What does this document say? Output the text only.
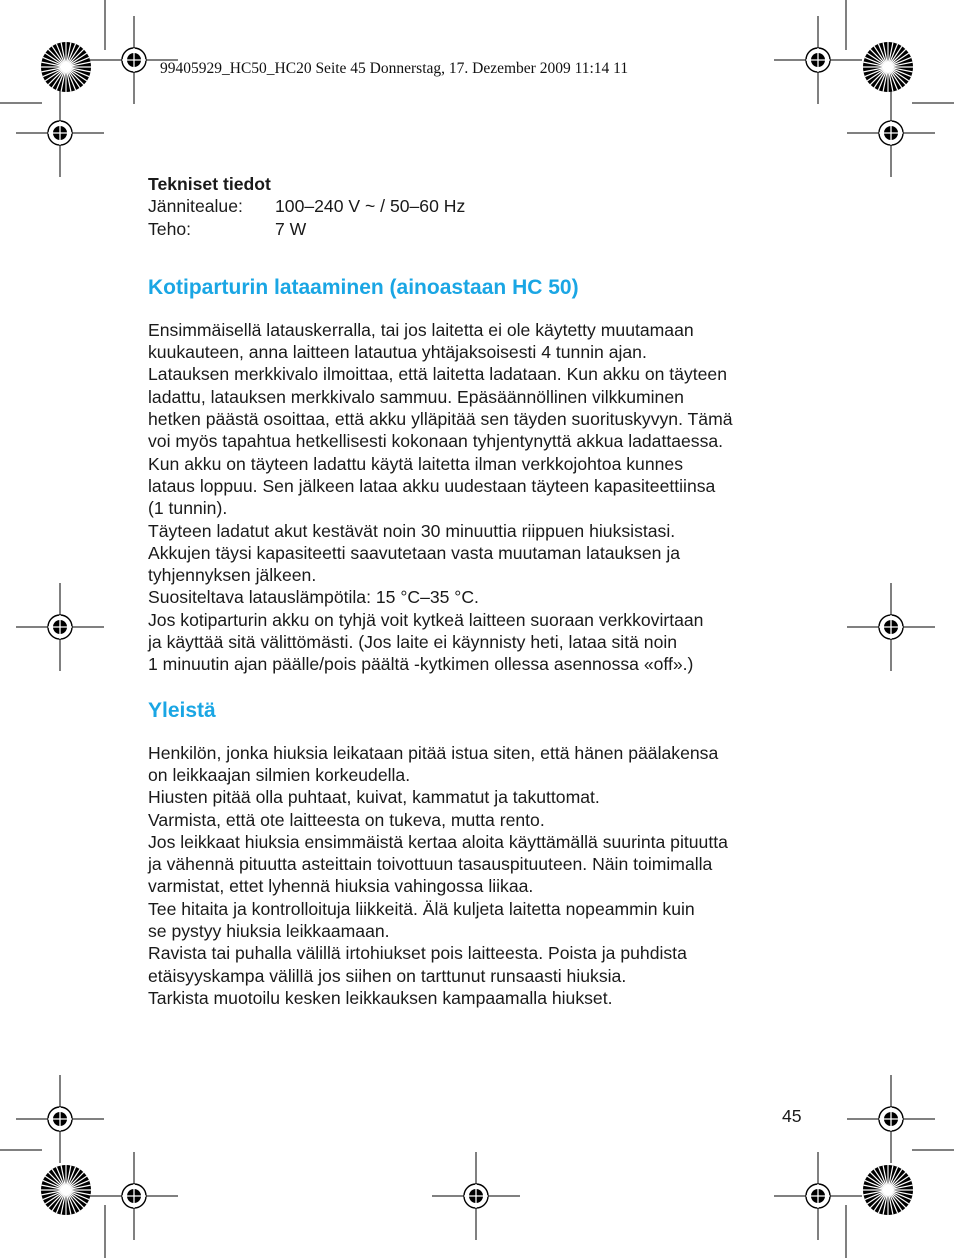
99405929_HC50_HC20 Seite 45 Donnerstag, 17. Dezember 2009 11:14 11
Tekniset tiedot
Jännitealue:	100–240 V ~ / 50–60 Hz
Teho:	7 W
Kotiparturin lataaminen (ainoastaan HC 50)
Ensimmäisellä latauskerralla, tai jos laitetta ei ole käytetty muutamaan
kuukauteen, anna laitteen latautua yhtäjaksoisesti 4 tunnin ajan.
Latauksen merkkivalo ilmoittaa, että laitetta ladataan. Kun akku on täyteen
ladattu, latauksen merkkivalo sammuu. Epäsäännöllinen vilkkuminen
hetken päästä osoittaa, että akku ylläpitää sen täyden suorituskyvyn. Tämä
voi myös tapahtua hetkellisesti kokonaan tyhjentynyttä akkua ladattaessa.
Kun akku on täyteen ladattu käytä laitetta ilman verkkojohtoa kunnes
lataus loppuu. Sen jälkeen lataa akku uudestaan täyteen kapasiteettiinsa
(1 tunnin).
Täyteen ladatut akut kestävät noin 30 minuuttia riippuen hiuksistasi.
Akkujen täysi kapasiteetti saavutetaan vasta muutaman latauksen ja
tyhjennyksen jälkeen.
Suositeltava latauslämpötila: 15 °C–35 °C.
Jos kotiparturin akku on tyhjä voit kytkeä laitteen suoraan verkkovirtaan
ja käyttää sitä välittömästi. (Jos laite ei käynnisty heti, lataa sitä noin
1 minuutin ajan päälle/pois päältä -kytkimen ollessa asennossa «off».)
Yleistä
Henkilön, jonka hiuksia leikataan pitää istua siten, että hänen päälakensa
on leikkaajan silmien korkeudella.
Hiusten pitää olla puhtaat, kuivat, kammatut ja takuttomat.
Varmista, että ote laitteesta on tukeva, mutta rento.
Jos leikkaat hiuksia ensimmäistä kertaa aloita käyttämällä suurinta pituutta
ja vähennä pituutta asteittain toivottuun tasauspituuteen. Näin toimimalla
varmistat, ettet lyhennä hiuksia vahingossa liikaa.
Tee hitaita ja kontrolloituja liikkeitä. Älä kuljeta laitetta nopeammin kuin
se pystyy hiuksia leikkaamaan.
Ravista tai puhalla välillä irtohiukset pois laitteesta. Poista ja puhdista
etäisyyskampa välillä jos siihen on tarttunut runsaasti hiuksia.
Tarkista muotoilu kesken leikkauksen kampaamalla hiukset.
45
